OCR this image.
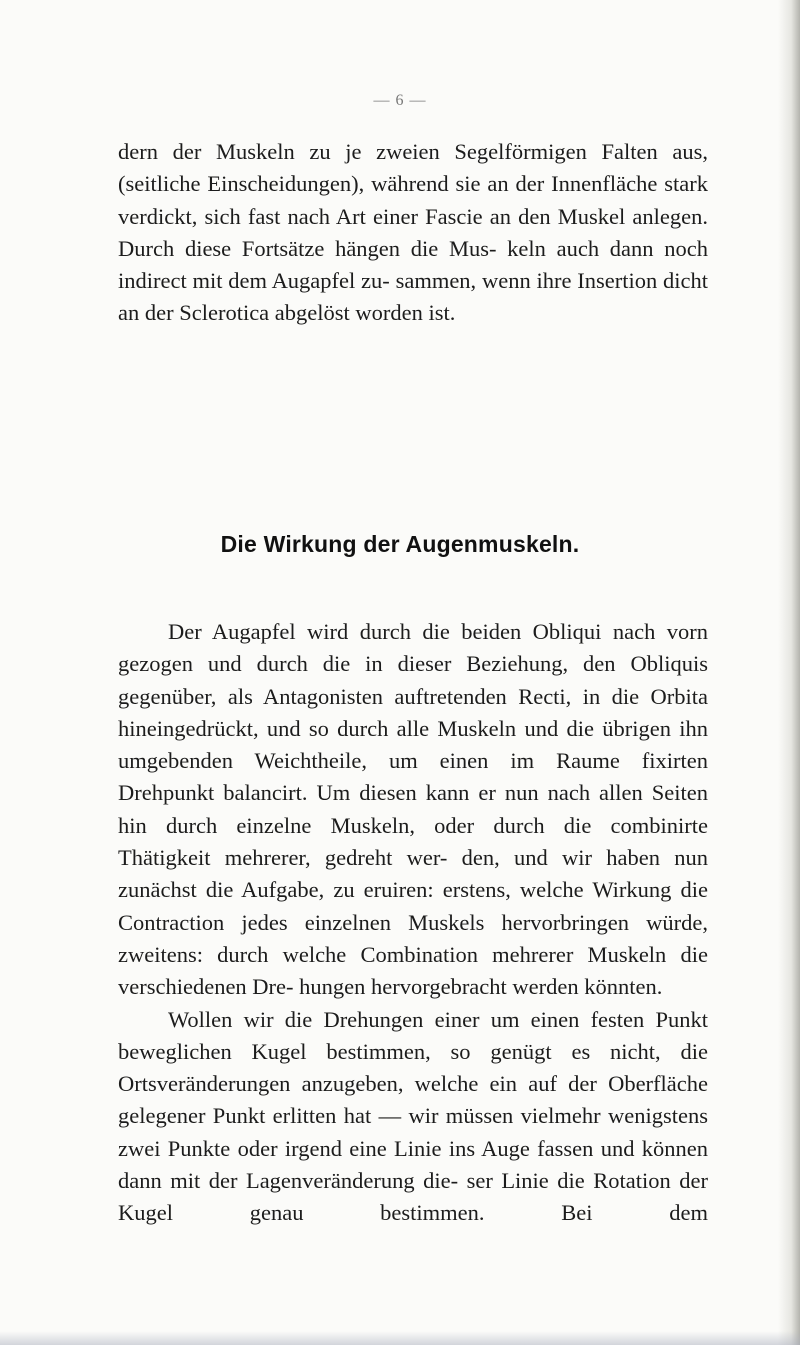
— 6 —

dern der Muskeln zu je zweien Segelförmigen Falten aus, (seitliche Einscheidungen), während sie an der Innenfläche stark verdickt, sich fast nach Art einer Fascie an den Muskel anlegen. Durch diese Fortsätze hängen die Mus- keln auch dann noch indirect mit dem Augapfel zu- sammen, wenn ihre Insertion dicht an der Sclerotica abgelöst worden ist.

Die Wirkung der Augenmuskeln.

Der Augapfel wird durch die beiden Obliqui nach vorn gezogen und durch die in dieser Beziehung, den Obliquis gegenüber, als Antagonisten auftretenden Recti, in die Orbita hineingedrückt, und so durch alle Muskeln und die übrigen ihn umgebenden Weichtheile, um einen im Raume fixirten Drehpunkt balancirt. Um diesen kann er nun nach allen Seiten hin durch einzelne Muskeln, oder durch die combinirte Thätigkeit mehrerer, gedreht wer- den, und wir haben nun zunächst die Aufgabe, zu eruiren: erstens, welche Wirkung die Contraction jedes einzelnen Muskels hervorbringen würde, zweitens: durch welche Combination mehrerer Muskeln die verschiedenen Dre- hungen hervorgebracht werden könnten.

Wollen wir die Drehungen einer um einen festen Punkt beweglichen Kugel bestimmen, so genügt es nicht, die Ortsveränderungen anzugeben, welche ein auf der Oberfläche gelegener Punkt erlitten hat — wir müssen vielmehr wenigstens zwei Punkte oder irgend eine Linie ins Auge fassen und können dann mit der Lagenveränderung die- ser Linie die Rotation der Kugel genau bestimmen. Bei dem
